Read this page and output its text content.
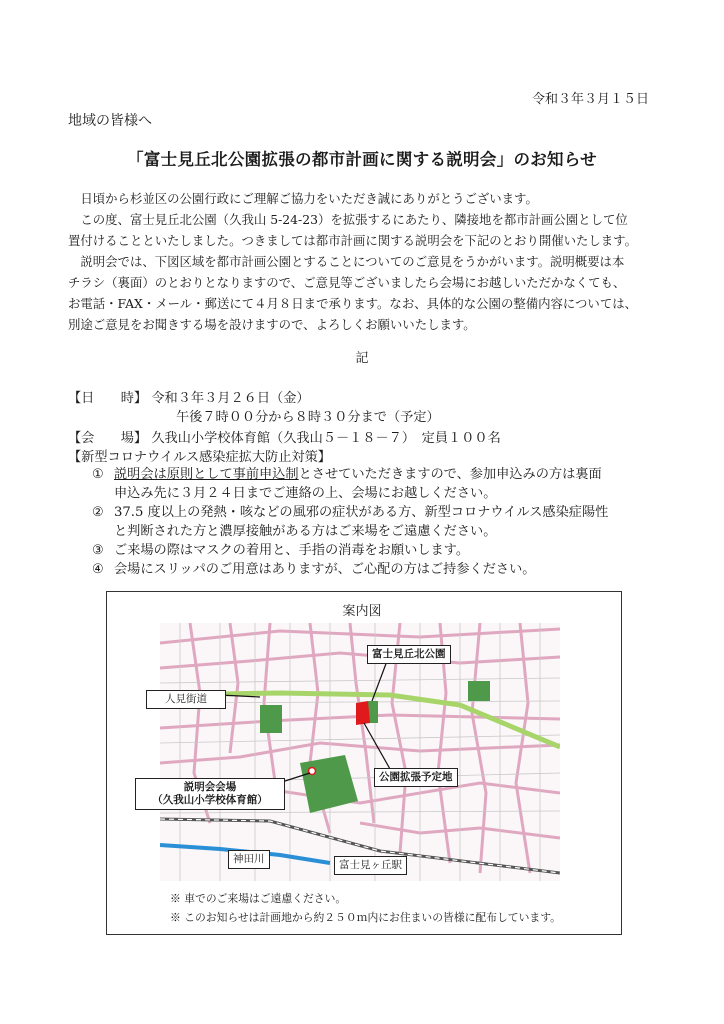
令和３年３月１５日
地域の皆様へ
「富士見丘北公園拡張の都市計画に関する説明会」のお知らせ
　日頃から杉並区の公園行政にご理解ご協力をいただき誠にありがとうございます。
　この度、富士見丘北公園（久我山 5-24-23）を拡張するにあたり、隣接地を都市計画公園として位
置付けることといたしました。つきましては都市計画に関する説明会を下記のとおり開催いたします。
　説明会では、下図区域を都市計画公園とすることについてのご意見をうかがいます。説明概要は本
チラシ（裏面）のとおりとなりますので、ご意見等ございましたら会場にお越しいただかなくても、
お電話・FAX・メール・郵送にて４月８日まで承ります。なお、具体的な公園の整備内容については、
別途ご意見をお聞きする場を設けますので、よろしくお願いいたします。
記
【日　　時】 令和３年３月２６日（金）
午後７時００分から８時３０分まで（予定）
【会　　場】 久我山小学校体育館（久我山５－１８－７）　定員１００名
【新型コロナウイルス感染症拡大防止対策】
① 説明会は原則として事前申込制とさせていただきますので、参加申込みの方は裏面
申込み先に３月２４日までご連絡の上、会場にお越しください。
② 37.5 度以上の発熱・咳などの風邪の症状がある方、新型コロナウイルス感染症陽性
と判断された方と濃厚接触がある方はご来場をご遠慮ください。
③ ご来場の際はマスクの着用と、手指の消毒をお願いします。
④ 会場にスリッパのご用意はありますが、ご心配の方はご持参ください。
案内図
富士見丘北公園
人見街道
説明会会場
（久我山小学校体育館）
公園拡張予定地
神田川	富士見ヶ丘駅
※ 車でのご来場はご遠慮ください。
※ このお知らせは計画地から約２５０ｍ内にお住まいの皆様に配布しています。
